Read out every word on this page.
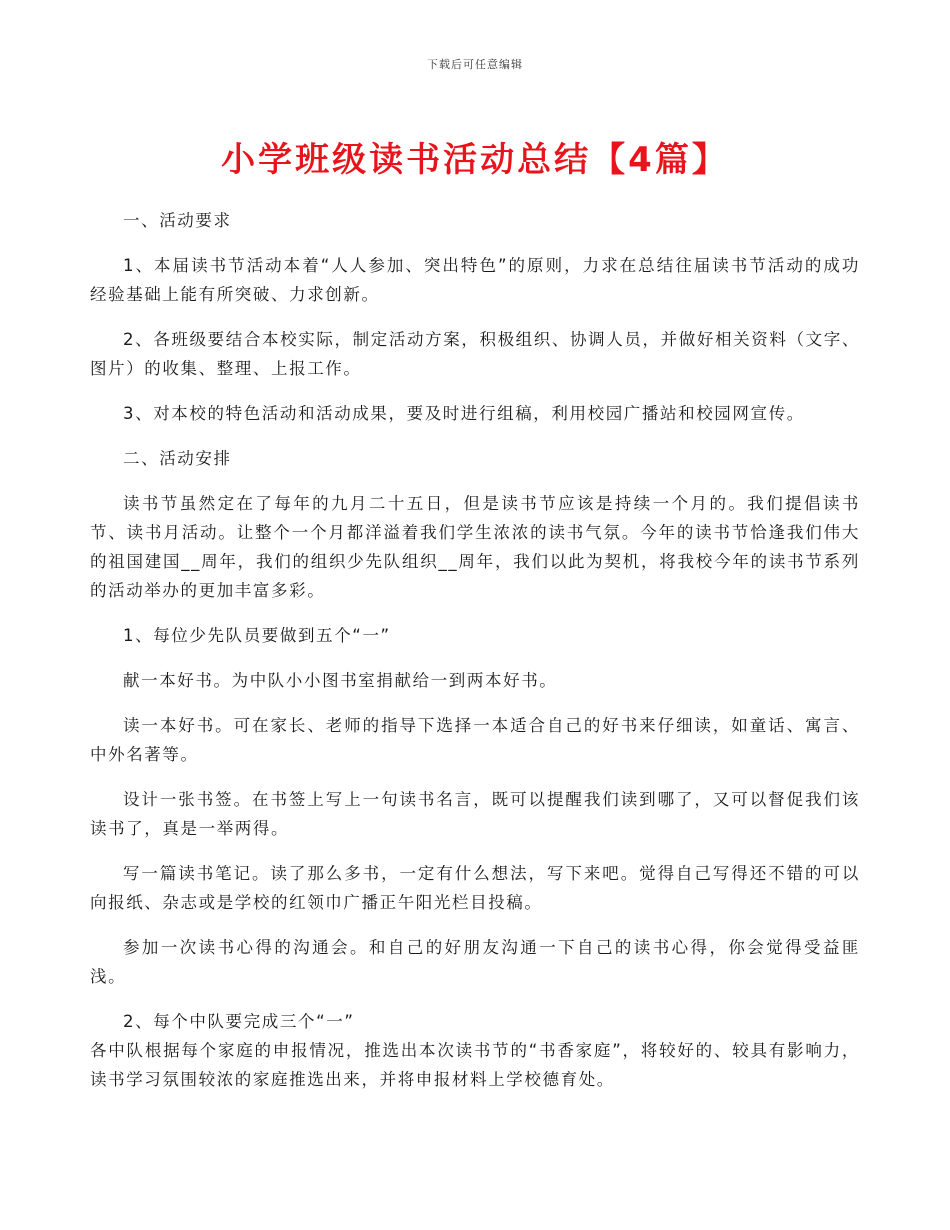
下载后可任意编辑
小学班级读书活动总结【4篇】

一、活动要求

1、本届读书节活动本着“人人参加、突出特色”的原则，力求在总结往届读书节活动的成功经验基础上能有所突破、力求创新。

2、各班级要结合本校实际，制定活动方案，积极组织、协调人员，并做好相关资料（文字、图片）的收集、整理、上报工作。

3、对本校的特色活动和活动成果，要及时进行组稿，利用校园广播站和校园网宣传。

二、活动安排

读书节虽然定在了每年的九月二十五日，但是读书节应该是持续一个月的。我们提倡读书节、读书月活动。让整个一个月都洋溢着我们学生浓浓的读书气氛。今年的读书节恰逢我们伟大的祖国建国__周年，我们的组织少先队组织__周年，我们以此为契机，将我校今年的读书节系列的活动举办的更加丰富多彩。

1、每位少先队员要做到五个“一”

献一本好书。为中队小小图书室捐献给一到两本好书。

读一本好书。可在家长、老师的指导下选择一本适合自己的好书来仔细读，如童话、寓言、中外名著等。

设计一张书签。在书签上写上一句读书名言，既可以提醒我们读到哪了，又可以督促我们该读书了，真是一举两得。

写一篇读书笔记。读了那么多书，一定有什么想法，写下来吧。觉得自己写得还不错的可以向报纸、杂志或是学校的红领巾广播正午阳光栏目投稿。

参加一次读书心得的沟通会。和自己的好朋友沟通一下自己的读书心得，你会觉得受益匪浅。

2、每个中队要完成三个“一”

各中队根据每个家庭的申报情况，推选出本次读书节的“书香家庭”，将较好的、较具有影响力，读书学习氛围较浓的家庭推选出来，并将申报材料上学校德育处。
